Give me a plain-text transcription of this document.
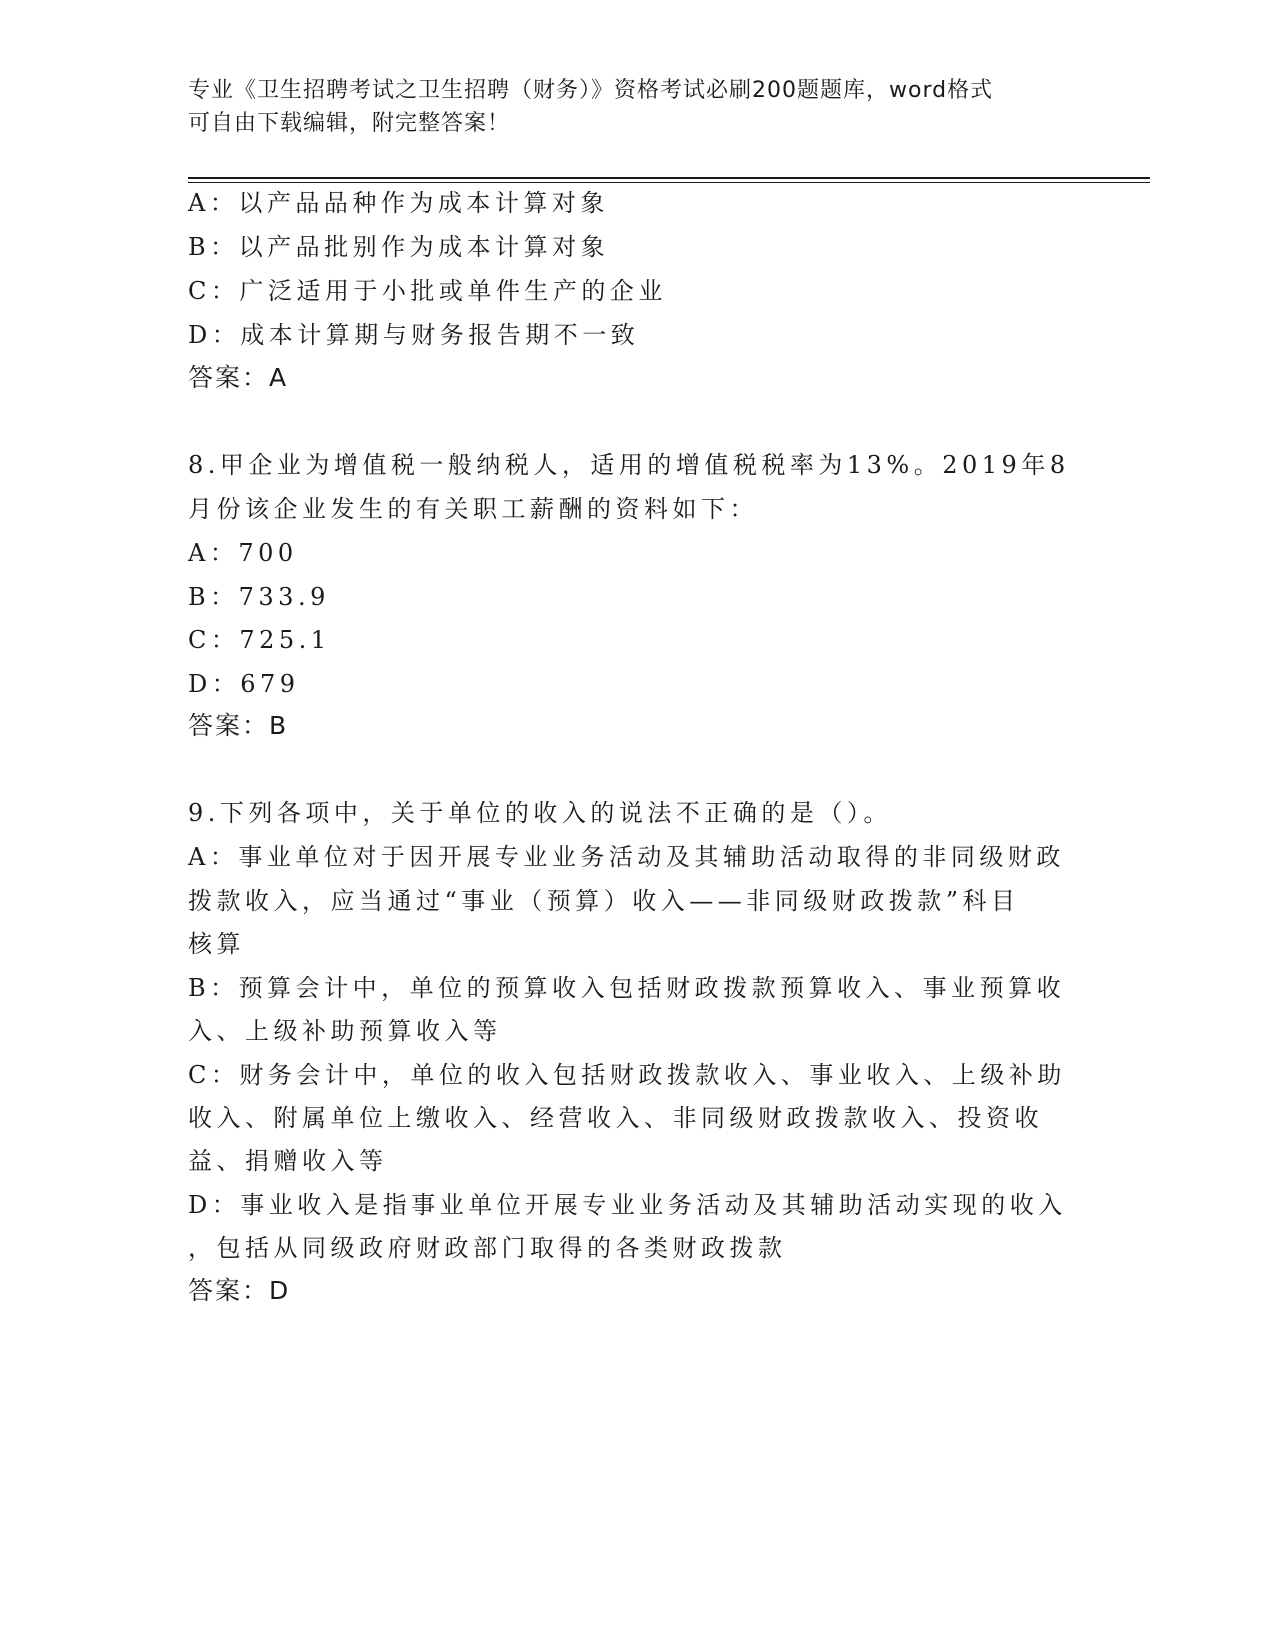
专业《卫生招聘考试之卫生招聘（财务）》资格考试必刷200题题库，word格式
可自由下载编辑，附完整答案！
A：以产品品种作为成本计算对象
B：以产品批别作为成本计算对象
C：广泛适用于小批或单件生产的企业
D：成本计算期与财务报告期不一致
答案：A
8.甲企业为增值税一般纳税人，适用的增值税税率为13%。2019年8
月份该企业发生的有关职工薪酬的资料如下：
A：700
B：733.9
C：725.1
D：679
答案：B
9.下列各项中，关于单位的收入的说法不正确的是（）。
A：事业单位对于因开展专业业务活动及其辅助活动取得的非同级财政
拨款收入，应当通过“事业（预算）收入——非同级财政拨款”科目
核算
B：预算会计中，单位的预算收入包括财政拨款预算收入、事业预算收
入、上级补助预算收入等
C：财务会计中，单位的收入包括财政拨款收入、事业收入、上级补助
收入、附属单位上缴收入、经营收入、非同级财政拨款收入、投资收
益、捐赠收入等
D：事业收入是指事业单位开展专业业务活动及其辅助活动实现的收入
，包括从同级政府财政部门取得的各类财政拨款
答案：D
